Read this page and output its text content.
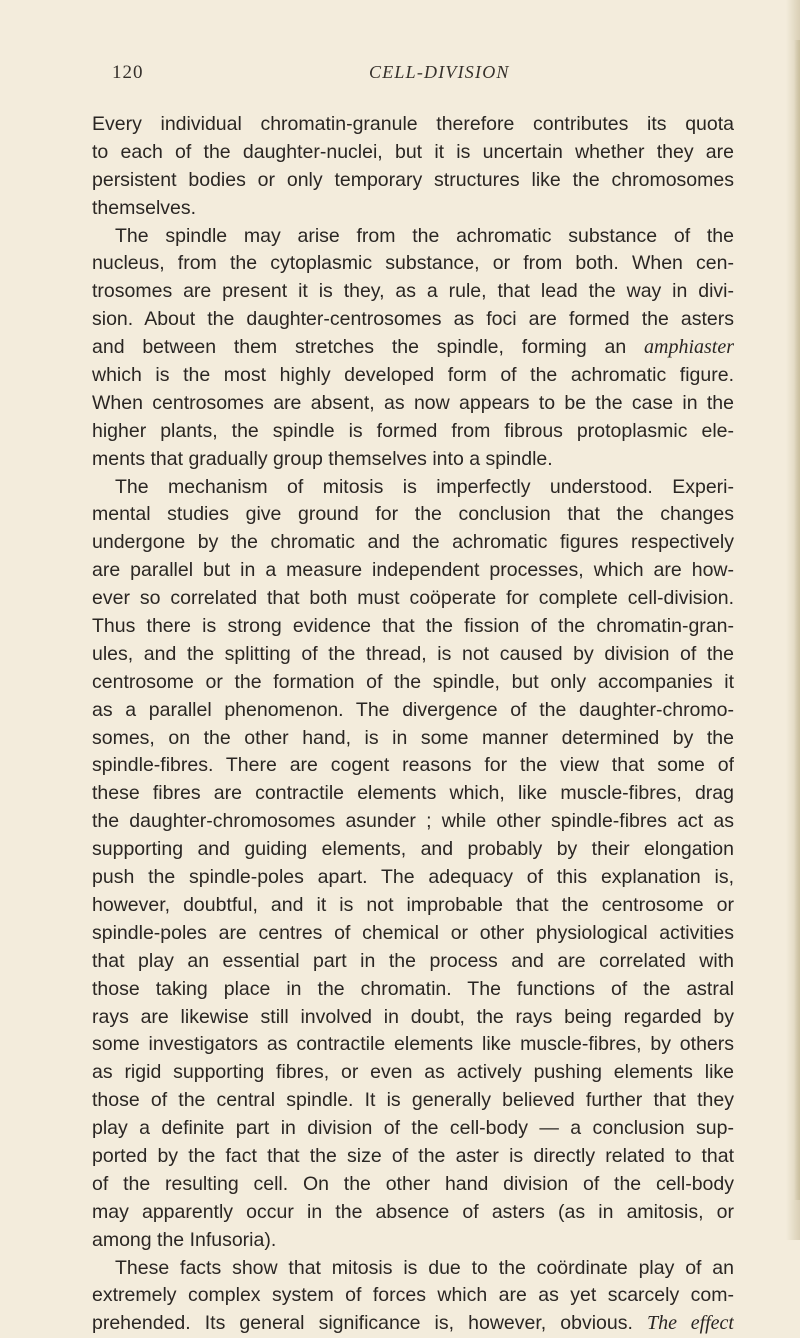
120	CELL-DIVISION
Every individual chromatin-granule therefore contributes its quota
to each of the daughter-nuclei, but it is uncertain whether they are
persistent bodies or only temporary structures like the chromosomes
themselves.
The spindle may arise from the achromatic substance of the
nucleus, from the cytoplasmic substance, or from both. When cen-
trosomes are present it is they, as a rule, that lead the way in divi-
sion. About the daughter-centrosomes as foci are formed the asters
and between them stretches the spindle, forming an amphiaster
which is the most highly developed form of the achromatic figure.
When centrosomes are absent, as now appears to be the case in the
higher plants, the spindle is formed from fibrous protoplasmic ele-
ments that gradually group themselves into a spindle.
The mechanism of mitosis is imperfectly understood. Experi-
mental studies give ground for the conclusion that the changes
undergone by the chromatic and the achromatic figures respectively
are parallel but in a measure independent processes, which are how-
ever so correlated that both must coöperate for complete cell-division.
Thus there is strong evidence that the fission of the chromatin-gran-
ules, and the splitting of the thread, is not caused by division of the
centrosome or the formation of the spindle, but only accompanies it
as a parallel phenomenon. The divergence of the daughter-chromo-
somes, on the other hand, is in some manner determined by the
spindle-fibres. There are cogent reasons for the view that some of
these fibres are contractile elements which, like muscle-fibres, drag
the daughter-chromosomes asunder ; while other spindle-fibres act as
supporting and guiding elements, and probably by their elongation
push the spindle-poles apart. The adequacy of this explanation is,
however, doubtful, and it is not improbable that the centrosome or
spindle-poles are centres of chemical or other physiological activities
that play an essential part in the process and are correlated with
those taking place in the chromatin. The functions of the astral
rays are likewise still involved in doubt, the rays being regarded by
some investigators as contractile elements like muscle-fibres, by others
as rigid supporting fibres, or even as actively pushing elements like
those of the central spindle. It is generally believed further that they
play a definite part in division of the cell-body — a conclusion sup-
ported by the fact that the size of the aster is directly related to that
of the resulting cell. On the other hand division of the cell-body
may apparently occur in the absence of asters (as in amitosis, or
among the Infusoria).
These facts show that mitosis is due to the coördinate play of an
extremely complex system of forces which are as yet scarcely com-
prehended. Its general significance is, however, obvious. The effect
